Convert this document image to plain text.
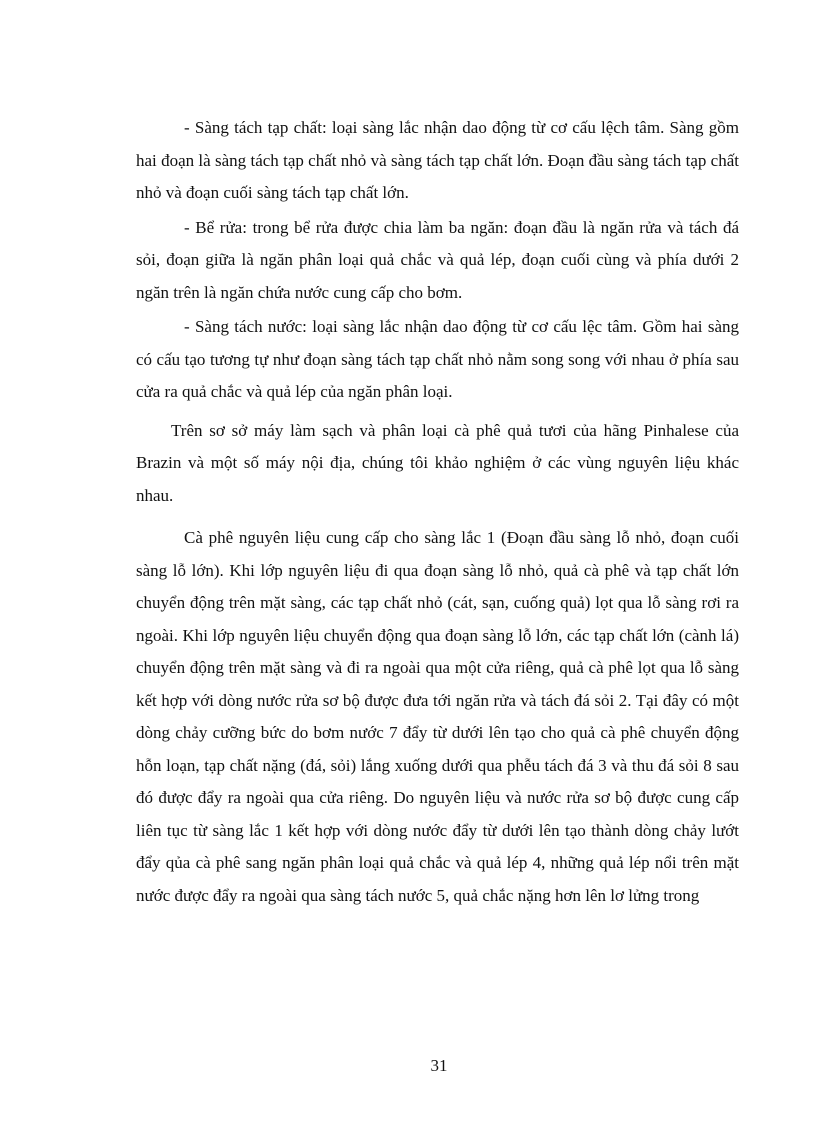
- Sàng tách tạp chất: loại sàng lắc nhận dao động từ cơ cấu lệch tâm. Sàng gồm hai đoạn là sàng tách tạp chất nhỏ và sàng tách tạp chất lớn. Đoạn đầu sàng tách tạp chất nhỏ và đoạn cuối sàng tách tạp chất lớn.

- Bể rửa: trong bể rửa được chia làm ba ngăn: đoạn đầu là ngăn rửa và tách đá sỏi, đoạn giữa là ngăn phân loại quả chắc và quả lép, đoạn cuối cùng và phía dưới 2 ngăn trên là ngăn chứa nước cung cấp cho bơm.

- Sàng tách nước: loại sàng lắc nhận dao động từ cơ cấu lệc tâm. Gồm hai sàng có cấu tạo tương tự như đoạn sàng tách tạp chất nhỏ nằm song song với nhau ở phía sau cửa ra quả chắc và quả lép của ngăn phân loại.

Trên sơ sở máy làm sạch và phân loại cà phê quả tươi của hãng Pinhalese của Brazin và một số máy nội địa, chúng tôi khảo nghiệm ở các vùng nguyên liệu khác nhau.

Cà phê nguyên liệu cung cấp cho sàng lắc 1 (Đoạn đầu sàng lỗ nhỏ, đoạn cuối sàng lỗ lớn). Khi lớp nguyên liệu đi qua đoạn sàng lỗ nhỏ, quả cà phê và tạp chất lớn chuyển động trên mặt sàng, các tạp chất nhỏ (cát, sạn, cuống quả) lọt qua lỗ sàng rơi ra ngoài. Khi lớp nguyên liệu chuyển động qua đoạn sàng lỗ lớn, các tạp chất lớn (cành lá) chuyển động trên mặt sàng và đi ra ngoài qua một cửa riêng, quả cà phê lọt qua lỗ sàng kết hợp với dòng nước rửa sơ bộ được đưa tới ngăn rửa và tách đá sỏi 2. Tại đây có một dòng chảy cưỡng bức do bơm nước 7 đẩy từ dưới lên tạo cho quả cà phê chuyển động hỗn loạn, tạp chất nặng (đá, sỏi) lắng xuống dưới qua phễu tách đá 3 và thu đá sỏi 8 sau đó được đẩy ra ngoài qua cửa riêng. Do nguyên liệu và nước rửa sơ bộ được cung cấp liên tục từ sàng lắc 1 kết hợp với dòng nước đẩy từ dưới lên tạo thành dòng chảy lướt đẩy qủa cà phê sang ngăn phân loại quả chắc và quả lép 4, những quả lép nổi trên mặt nước được đẩy ra ngoài qua sàng tách nước 5, quả chắc nặng hơn lên lơ lửng trong

31
